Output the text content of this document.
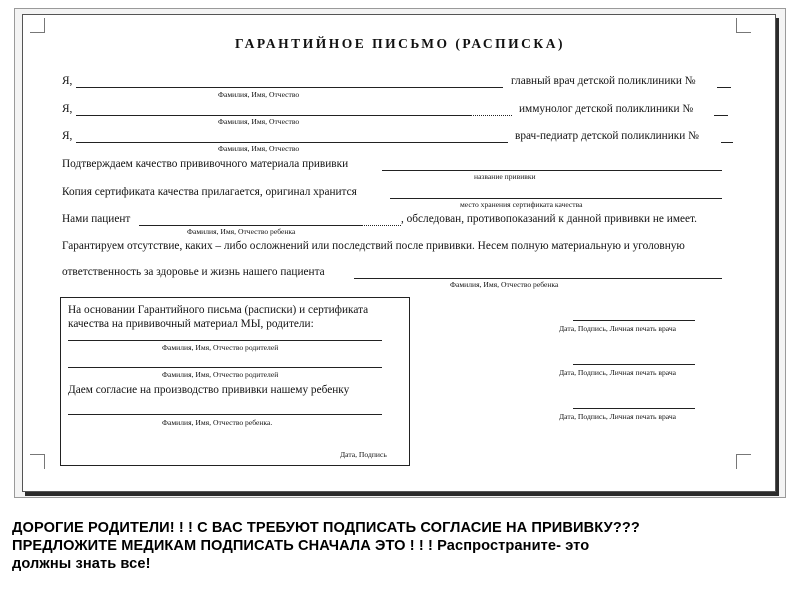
ГАРАНТИЙНОЕ ПИСЬМО (РАСПИСКА)
Я,	главный врач детской поликлиники №
Фамилия, Имя, Отчество
Я,	иммунолог детской поликлиники №
Фамилия, Имя, Отчество
Я,	врач-педиатр детской поликлиники №
Фамилия, Имя, Отчество
Подтверждаем качество прививочного материала прививки
название прививки
Копия сертификата качества прилагается, оригинал хранится
место хранения сертификата качества
Нами пациент	, обследован, противопоказаний к данной прививки не имеет.
Фамилия, Имя, Отчество ребенка
Гарантируем отсутствие, каких – либо осложнений или последствий после прививки. Несем полную материальную и уголовную
ответственность за здоровье и жизнь нашего пациента
Фамилия, Имя, Отчество ребенка
На основании Гарантийного письма (расписки) и сертификата
качества на прививочный материал МЫ, родители:
Фамилия, Имя, Отчество родителей
Фамилия, Имя, Отчество родителей
Даем согласие на производство прививки нашему ребенку
Фамилия, Имя, Отчество ребенка.
Дата, Подпись
Дата, Подпись, Личная печать врача
Дата, Подпись, Личная печать врача
Дата, Подпись, Личная печать врача
ДОРОГИЕ РОДИТЕЛИ! ! ! С ВАС ТРЕБУЮТ ПОДПИСАТЬ СОГЛАСИЕ НА ПРИВИВКУ???
ПРЕДЛОЖИТЕ МЕДИКАМ ПОДПИСАТЬ СНАЧАЛА ЭТО ! ! ! Распространите- это
должны знать все!
